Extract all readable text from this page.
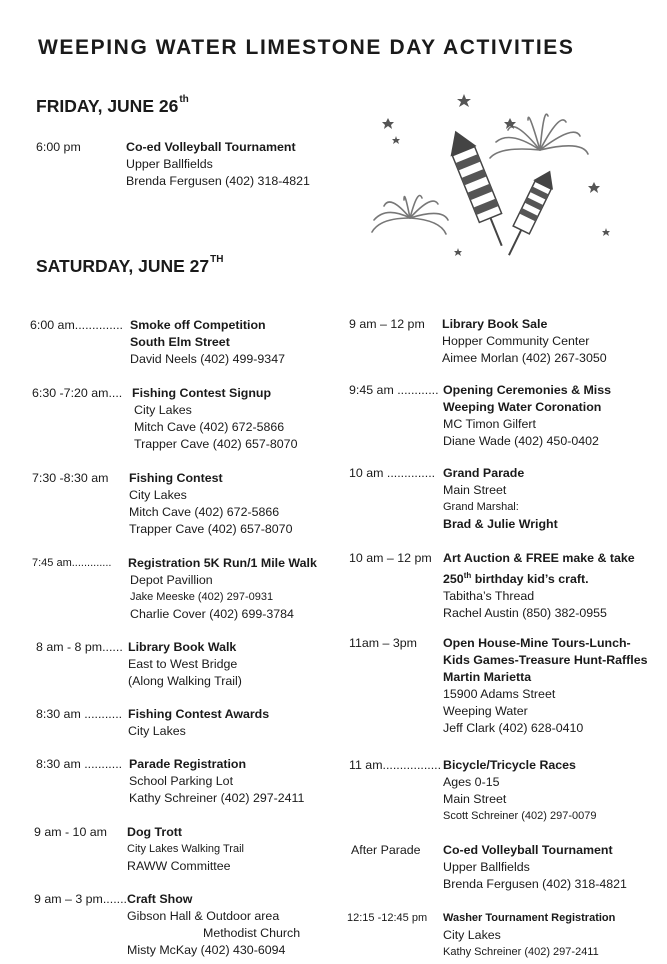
WEEPING WATER LIMESTONE DAY ACTIVITIES
FRIDAY, JUNE 26th
6:00 pm	Co-ed Volleyball Tournament
Upper Ballfields
Brenda Fergusen (402) 318-4821
SATURDAY, JUNE 27TH
6:00 am.............. Smoke off Competition
South Elm Street
David Neels (402) 499-9347
6:30 -7:20 am.... Fishing Contest Signup
City Lakes
Mitch Cave (402) 672-5866
Trapper Cave (402) 657-8070
7:30 -8:30 am Fishing Contest
City Lakes
Mitch Cave (402) 672-5866
Trapper Cave (402) 657-8070
7:45 am............. Registration 5K Run/1 Mile Walk
Depot Pavillion
Jake Meeske (402) 297-0931
Charlie Cover (402) 699-3784
8 am - 8 pm...... Library Book Walk
East to West Bridge
(Along Walking Trail)
8:30 am ........... Fishing Contest Awards
City Lakes
8:30 am ........... Parade Registration
School Parking Lot
Kathy Schreiner (402) 297-2411
9 am - 10 am Dog Trott
City Lakes Walking Trail
RAWW Committee
9 am – 3 pm....... Craft Show
Gibson Hall & Outdoor area
Methodist Church
Misty McKay (402) 430-6094
9 am – 12 pm Library Book Sale
Hopper Community Center
Aimee Morlan (402) 267-3050
9:45 am ............ Opening Ceremonies & Miss
Weeping Water Coronation
MC Timon Gilfert
Diane Wade (402) 450-0402
10 am .............. Grand Parade
Main Street
Grand Marshal:
Brad & Julie Wright
10 am – 12 pm Art Auction & FREE make & take
250th birthday kid’s craft.
Tabitha’s Thread
Rachel Austin (850) 382-0955
11am – 3pm Open House-Mine Tours-Lunch-
Kids Games-Treasure Hunt-Raffles
Martin Marietta
15900 Adams Street
Weeping Water
Jeff Clark (402) 628-0410
11 am................. Bicycle/Tricycle Races
Ages 0-15
Main Street
Scott Schreiner (402) 297-0079
After Parade Co-ed Volleyball Tournament
Upper Ballfields
Brenda Fergusen (402) 318-4821
12:15 -12:45 pm Washer Tournament Registration
City Lakes
Kathy Schreiner (402) 297-2411
